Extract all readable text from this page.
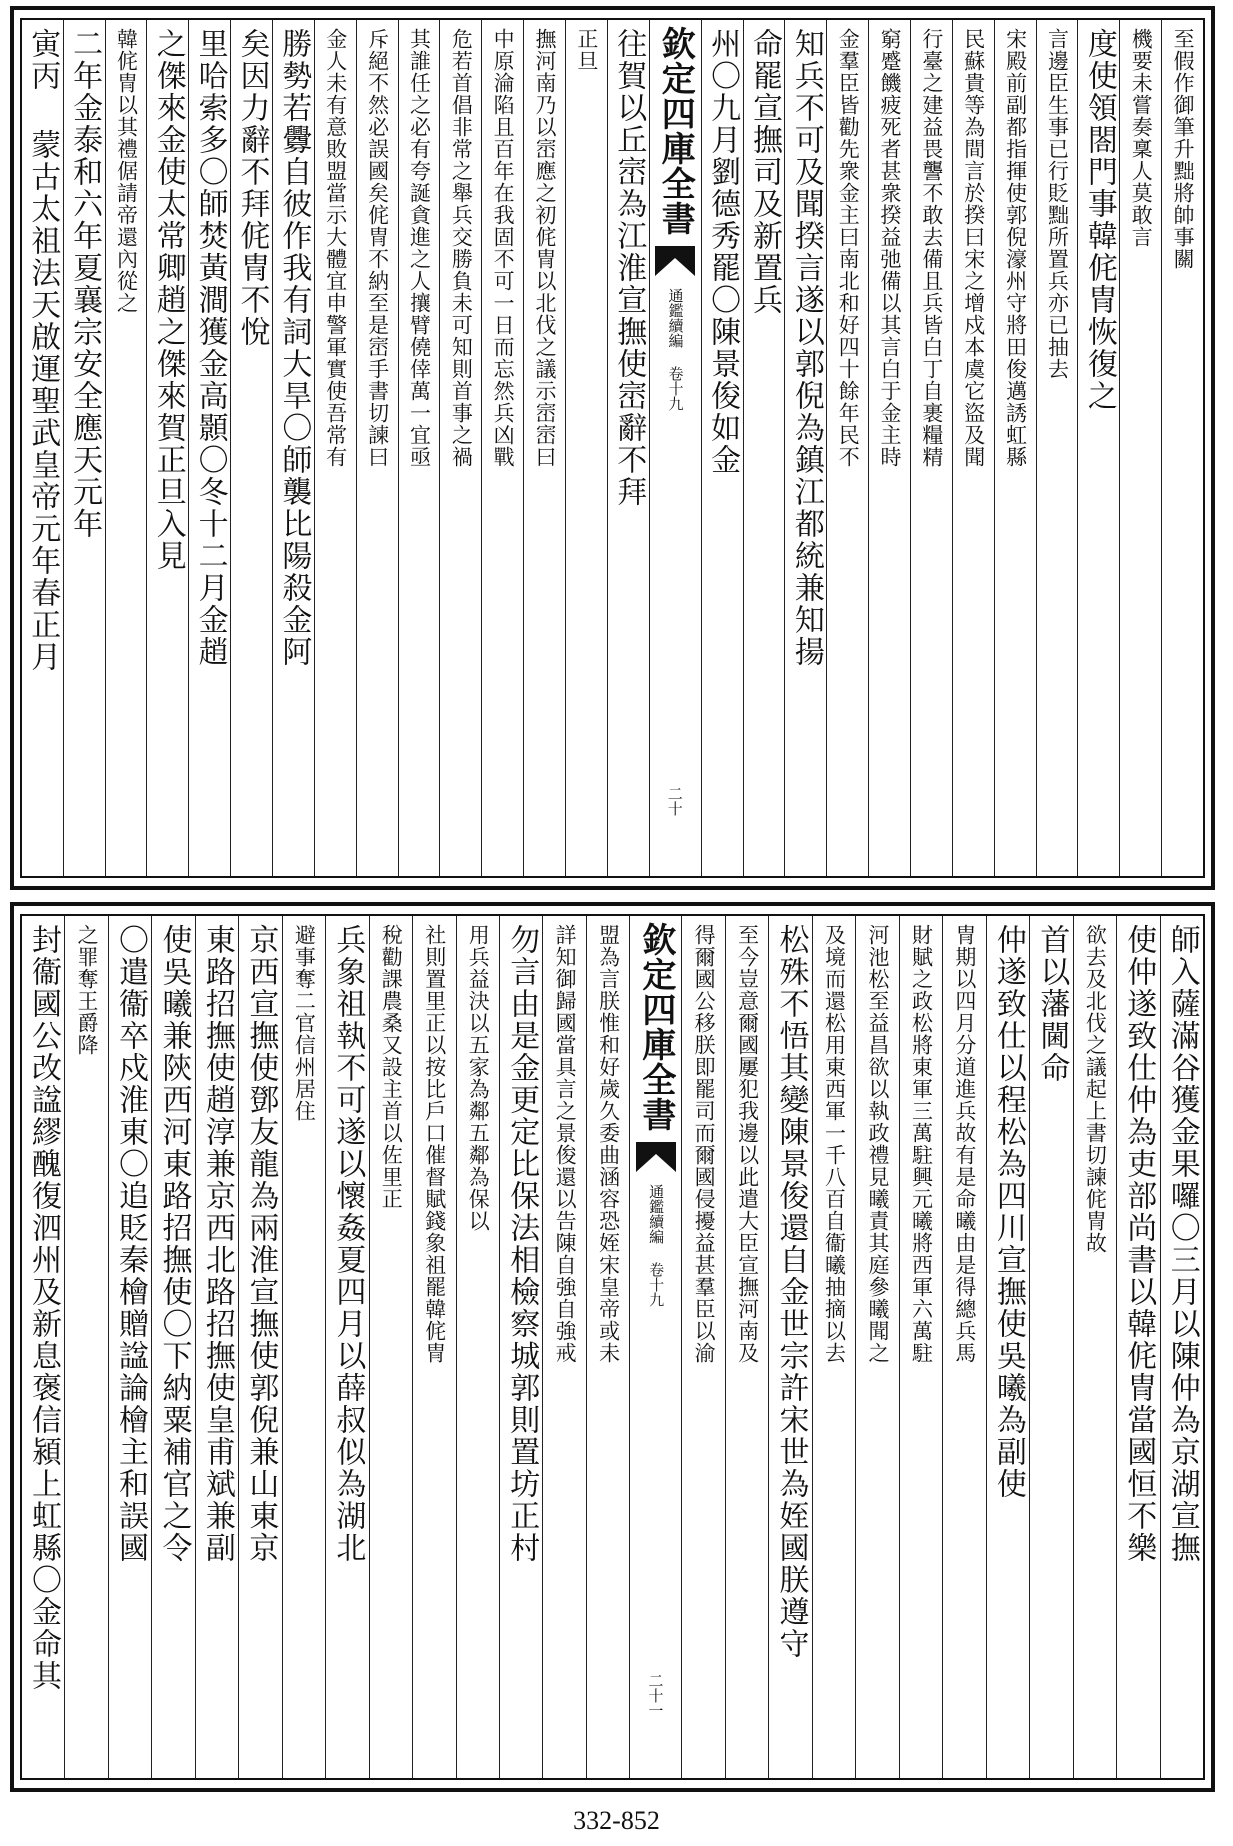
至假作御筆升黜將帥事關
機要未嘗奏稟人莫敢言
度使領閤門事韓侂冑恢復之
言邊臣生事已行貶黜所置兵亦已抽去
宋殿前副都指揮使郭倪濠州守將田俊邁誘虹縣
民蘇貴等為間言於揆曰宋之增戍本虞它盜及聞
行臺之建益畏讋不敢去備且兵皆白丁自裹糧精
窮蹙饑疲死者甚衆揆益弛備以其言白于金主時
金羣臣皆勸先衆金主曰南北和好四十餘年民不
知兵不可及聞揆言遂以郭倪為鎮江都統兼知揚
命罷宣撫司及新置兵
州〇九月劉德秀罷〇陳景俊如金
欽定四庫全書
通鑑續編 卷十九
二十
往賀以丘崈為江淮宣撫使崈辭不拜
正旦
撫河南乃以崈應之初侂冑以北伐之議示崈崈曰
中原淪陷且百年在我固不可一日而忘然兵凶戰
危若首倡非常之舉兵交勝負未可知則首事之禍
其誰任之必有夸誕貪進之人攘臂僥倖萬一宜亟
斥絕不然必誤國矣侂冑不納至是崈手書切諫曰
金人未有意敗盟當示大體宜申警軍實使吾常有
勝勢若釁自彼作我有詞大旱〇師襲比陽殺金阿
矣因力辭不拜侂冑不悅
里哈索多〇師焚黃澗獲金高顥〇冬十二月金趙
之傑來金使太常卿趙之傑來賀正旦入見
韓侂冑以其禮倨請帝還內從之
二年金泰和六年夏襄宗安全應天元年
寅丙 蒙古太祖法天啟運聖武皇帝元年春正月
師入薩滿谷獲金果囉〇三月以陳仲為京湖宣撫
使仲遂致仕仲為吏部尚書以韓侂冑當國恒不樂
欲去及北伐之議起上書切諫侂冑故
首以藩閫命
仲遂致仕以程松為四川宣撫使吳曦為副使
冑期以四月分道進兵故有是命曦由是得總兵馬
財賦之政松將東軍三萬駐興元曦將西軍六萬駐
河池松至益昌欲以執政禮見曦責其庭參曦聞之
及境而還松用東西軍一千八百自衞曦抽摘以去
松殊不悟其變陳景俊還自金世宗許宋世為姪國朕遵守
至今豈意爾國屢犯我邊以此遣大臣宣撫河南及
得爾國公移朕即罷司而爾國侵擾益甚羣臣以渝
欽定四庫全書
通鑑續編 卷十九
二十一
盟為言朕惟和好歲久委曲涵容恐姪宋皇帝或未
詳知御歸國當具言之景俊還以告陳自強自強戒
勿言由是金更定比保法相檢察城郭則置坊正村
用兵益決以五家為鄰五鄰為保以
社則置里正以按比戶口催督賦錢象祖罷韓侂冑
稅勸課農桑又設主首以佐里正
兵象祖執不可遂以懷姦夏四月以薛叔似為湖北
避事奪二官信州居住
京西宣撫使鄧友龍為兩淮宣撫使郭倪兼山東京
東路招撫使趙淳兼京西北路招撫使皇甫斌兼副
使吳曦兼陝西河東路招撫使〇下納粟補官之令
〇遣衞卒戍淮東〇追貶秦檜贈諡論檜主和誤國
之罪奪王爵降
封衞國公改諡繆醜復泗州及新息褒信潁上虹縣〇金命其
332-852
